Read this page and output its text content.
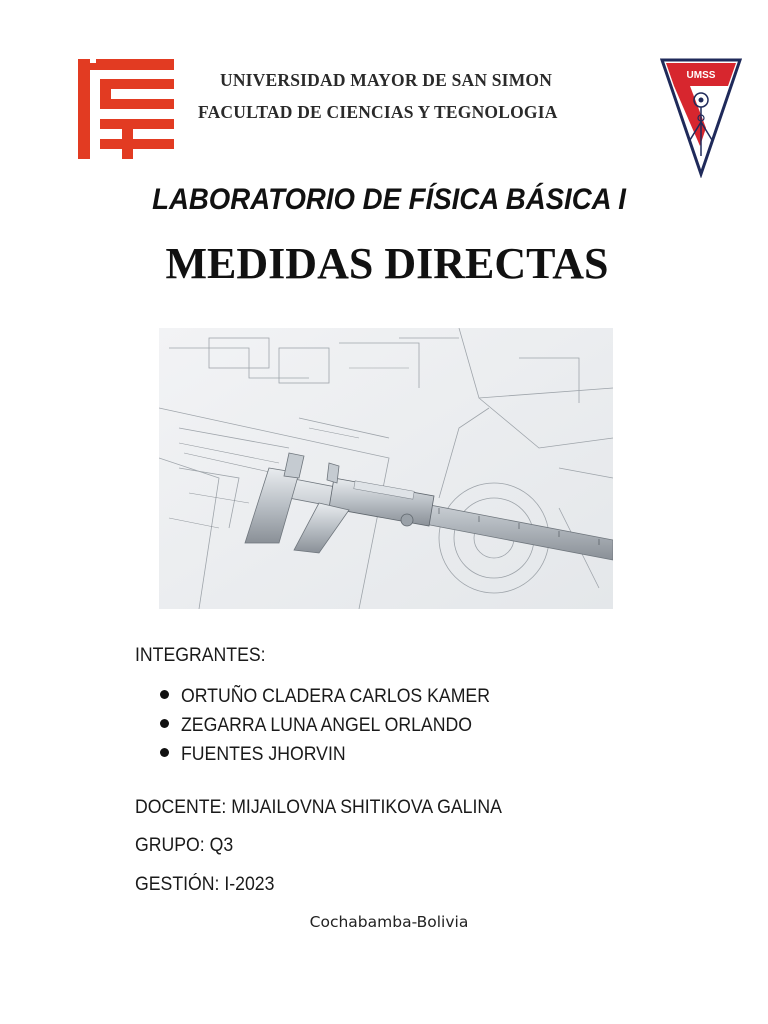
UNIVERSIDAD MAYOR DE SAN SIMON
FACULTAD DE CIENCIAS Y TEGNOLOGIA
UMSS
LABORATORIO DE FÍSICA BÁSICA I
MEDIDAS DIRECTAS
INTEGRANTES:
ORTUÑO CLADERA CARLOS KAMER
ZEGARRA LUNA ANGEL ORLANDO
FUENTES JHORVIN
DOCENTE: MIJAILOVNA SHITIKOVA GALINA
GRUPO: Q3
GESTIÓN: I-2023
Cochabamba-Bolivia
